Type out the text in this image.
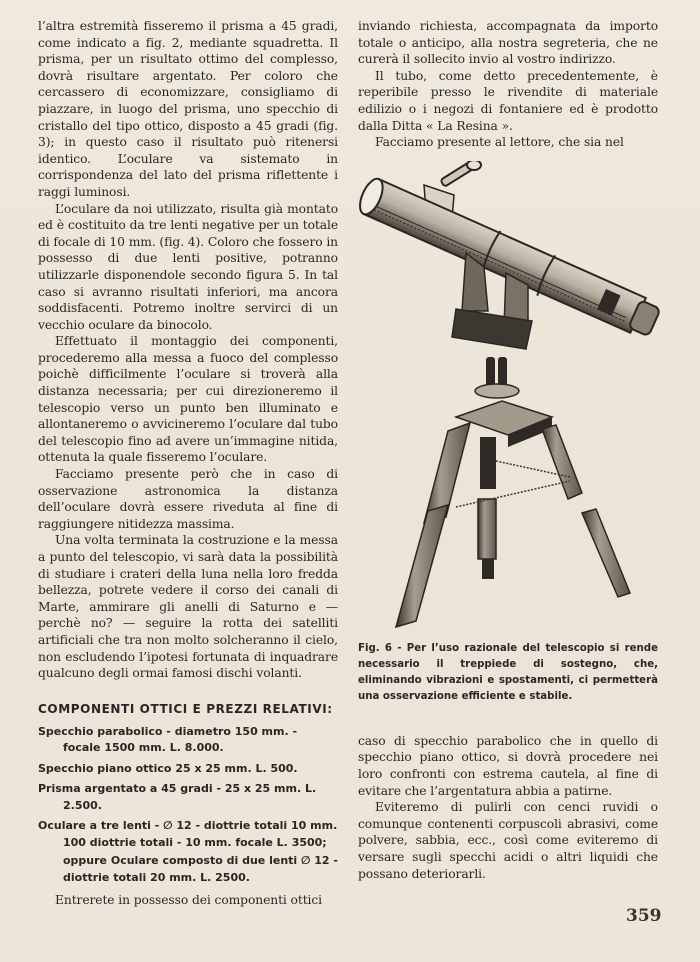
l’altra estremità fisseremo il prisma a 45 gradi, come indicato a fig. 2, mediante squadretta. Il prisma, per un risultato ottimo del complesso, dovrà risultare argentato. Per coloro che cercassero di economizzare, consigliamo di piazzare, in luogo del prisma, uno specchio di cristallo del tipo ottico, disposto a 45 gradi (fig. 3); in questo caso il risultato può ritenersi identico. L’oculare va sistemato in corrispondenza del lato del prisma riflettente i raggi luminosi.

L’oculare da noi utilizzato, risulta già montato ed è costituito da tre lenti negative per un totale di focale di 10 mm. (fig. 4). Coloro che fossero in possesso di due lenti positive, potranno utilizzarle disponendole secondo figura 5. In tal caso si avranno risultati inferiori, ma ancora soddisfacenti. Potremo inoltre servirci di un vecchio oculare da binocolo.

Effettuato il montaggio dei componenti, procederemo alla messa a fuoco del complesso poichè difficilmente l’oculare si troverà alla distanza necessaria; per cui direzioneremo il telescopio verso un punto ben illuminato e allontaneremo o avvicineremo l’oculare dal tubo del telescopio fino ad avere un’immagine nitida, ottenuta la quale fisseremo l’oculare.

Facciamo presente però che in caso di osservazione astronomica la distanza dell’oculare dovrà essere riveduta al fine di raggiungere nitidezza massima.

Una volta terminata la costruzione e la messa a punto del telescopio, vi sarà data la possibilità di studiare i crateri della luna nella loro fredda bellezza, potrete vedere il corso dei canali di Marte, ammirare gli anelli di Saturno e — perchè no? — seguire la rotta dei satelliti artificiali che tra non molto solcheranno il cielo, non escludendo l’ipotesi fortunata di inquadrare qualcuno degli ormai famosi dischi volanti.

COMPONENTI OTTICI E PREZZI RELATIVI:

Specchio parabolico - diametro 150 mm. - focale 1500 mm. L. 8.000.

Specchio piano ottico 25 x 25 mm. L. 500.

Prisma argentato a 45 gradi - 25 x 25 mm. L. 2.500.

Oculare a tre lenti - ∅ 12 - diottrie totali 10 mm. 100 diottrie totali - 10 mm. focale L. 3500;

oppure Oculare composto di due lenti ∅ 12 - diottrie totali 20 mm. L. 2500.

Entrerete in possesso dei componenti ottici

inviando richiesta, accompagnata da importo totale o anticipo, alla nostra segreteria, che ne curerà il sollecito invio al vostro indirizzo.

Il tubo, come detto precedentemente, è reperibile presso le rivendite di materiale edilizio o i negozi di fontaniere ed è prodotto dalla Ditta « La Resina ».

Facciamo presente al lettore, che sia nel

Fig. 6 - Per l’uso razionale del telescopio si rende necessario il treppiede di sostegno, che, eliminando vibrazioni e spostamenti, ci permetterà una osservazione efficiente e stabile.

caso di specchio parabolico che in quello di specchio piano ottico, si dovrà procedere nei loro confronti con estrema cautela, al fine di evitare che l’argentatura abbia a patirne.

Eviteremo di pulirli con cenci ruvidi o comunque contenenti corpuscoli abrasivi, come polvere, sabbia, ecc., così come eviteremo di versare sugli specchi acidi o altri liquidi che possano deteriorarli.

359
